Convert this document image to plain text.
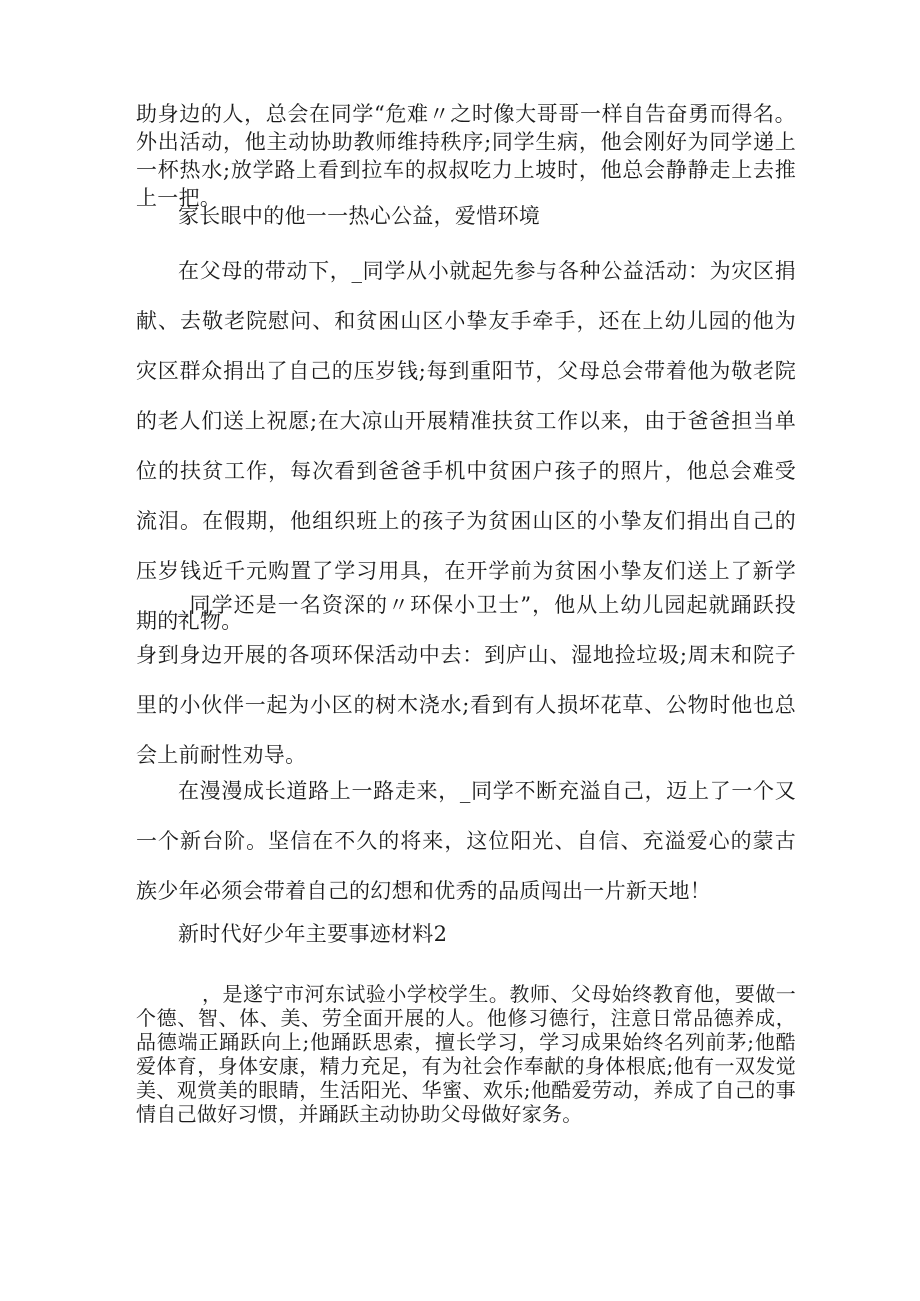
助身边的人，总会在同学“危难〃之时像大哥哥一样自告奋勇而得名。外出活动，他主动协助教师维持秩序;同学生病，他会刚好为同学递上一杯热水;放学路上看到拉车的叔叔吃力上坡时，他总会静静走上去推上一把。

家长眼中的他一一热心公益，爱惜环境

在父母的带动下，_同学从小就起先参与各种公益活动：为灾区捐献、去敬老院慰问、和贫困山区小挚友手牵手，还在上幼儿园的他为灾区群众捐出了自己的压岁钱;每到重阳节，父母总会带着他为敬老院的老人们送上祝愿;在大凉山开展精准扶贫工作以来，由于爸爸担当单位的扶贫工作，每次看到爸爸手机中贫困户孩子的照片，他总会难受流泪。在假期，他组织班上的孩子为贫困山区的小挚友们捐出自己的压岁钱近千元购置了学习用具，在开学前为贫困小挚友们送上了新学期的礼物。

_同学还是一名资深的〃环保小卫士”，他从上幼儿园起就踊跃投身到身边开展的各项环保活动中去：到庐山、湿地捡垃圾;周末和院子里的小伙伴一起为小区的树木浇水;看到有人损坏花草、公物时他也总会上前耐性劝导。

在漫漫成长道路上一路走来，_同学不断充溢自己，迈上了一个又一个新台阶。坚信在不久的将来，这位阳光、自信、充溢爱心的蒙古族少年必须会带着自己的幻想和优秀的品质闯出一片新天地！

新时代好少年主要事迹材料2

，是遂宁市河东试验小学校学生。教师、父母始终教育他，要做一个德、智、体、美、劳全面开展的人。他修习德行，注意日常品德养成，品德端正踊跃向上;他踊跃思索，擅长学习，学习成果始终名列前茅;他酷爱体育，身体安康，精力充足，有为社会作奉献的身体根底;他有一双发觉美、观赏美的眼睛，生活阳光、华蜜、欢乐;他酷爱劳动，养成了自己的事情自己做好习惯，并踊跃主动协助父母做好家务。
